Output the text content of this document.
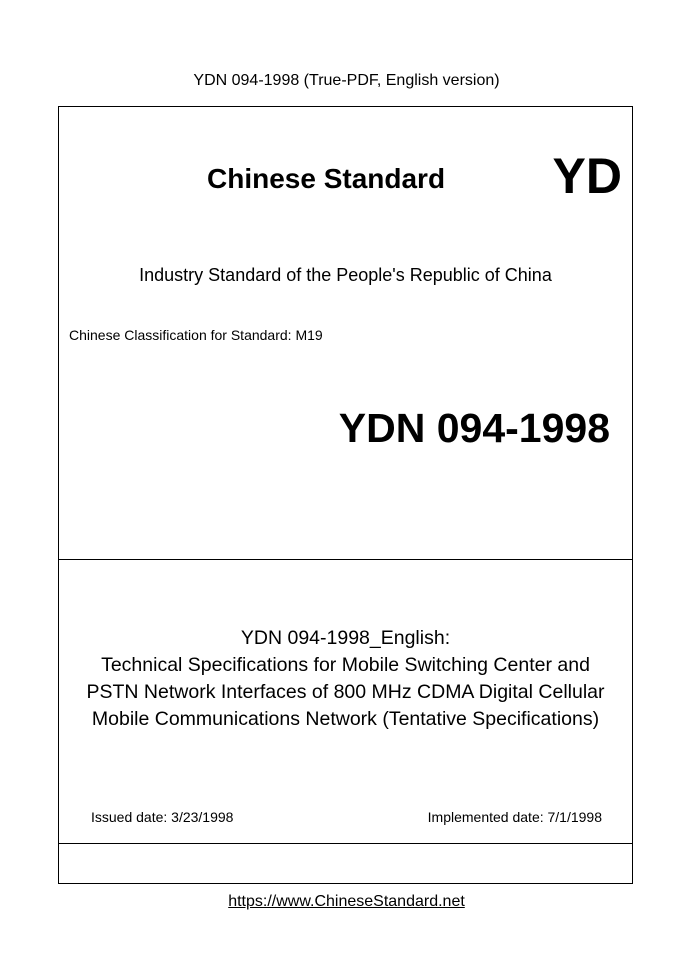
YDN 094-1998 (True-PDF, English version)
Chinese Standard YD
Industry Standard of the People's Republic of China
Chinese Classification for Standard: M19
YDN 094-1998
YDN 094-1998_English:
Technical Specifications for Mobile Switching Center and
PSTN Network Interfaces of 800 MHz CDMA Digital Cellular
Mobile Communications Network (Tentative Specifications)
Issued date: 3/23/1998	Implemented date: 7/1/1998
https://www.ChineseStandard.net
